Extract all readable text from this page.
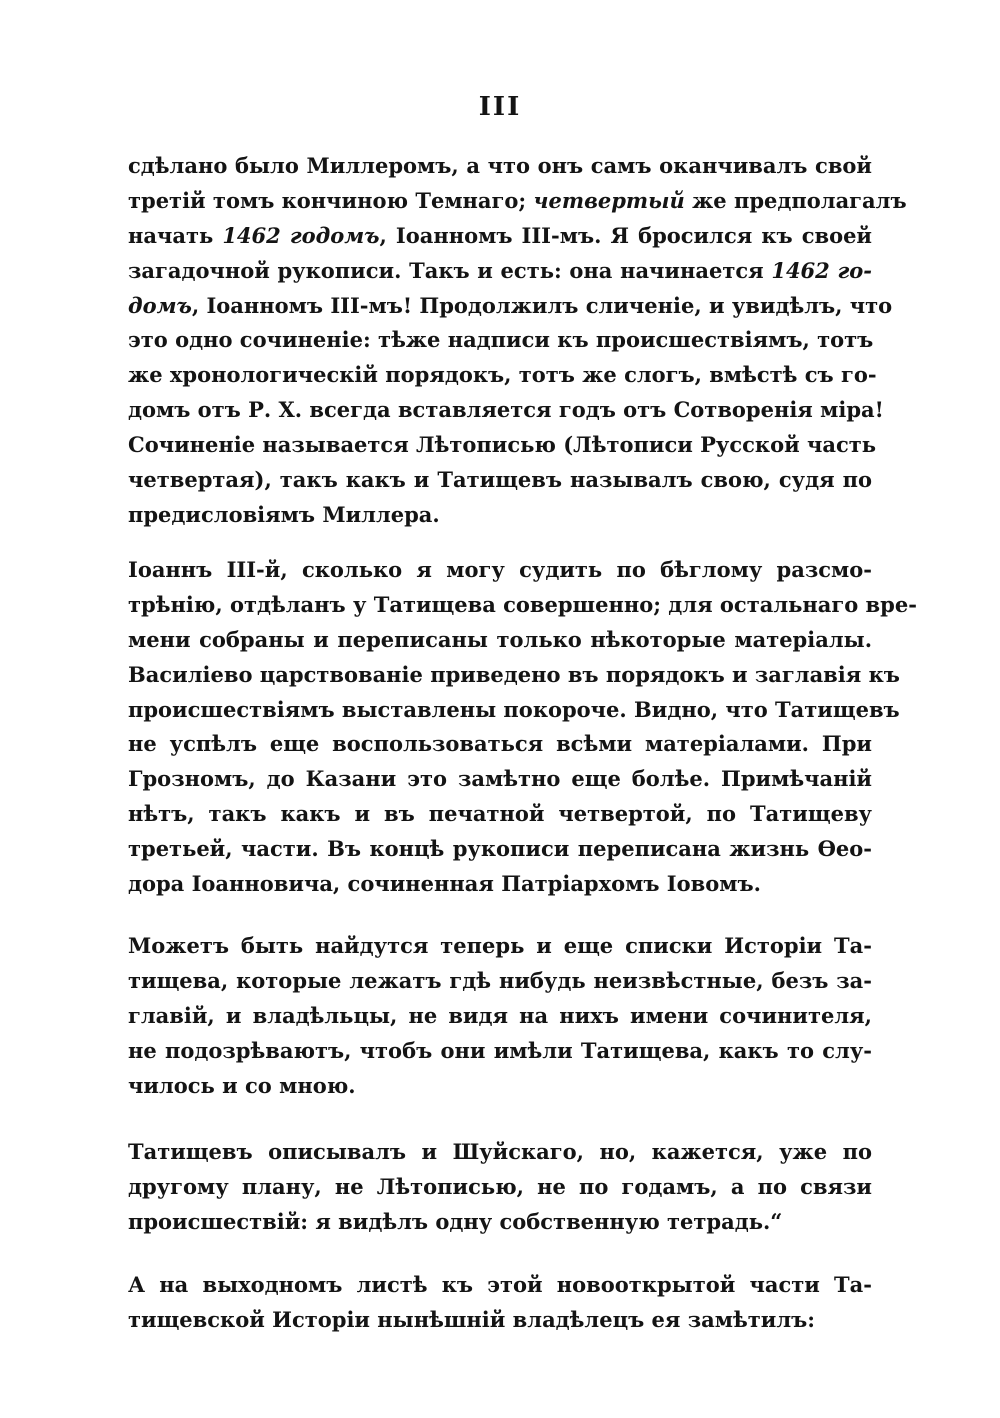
III
сдѣлано было Миллеромъ, а что онъ самъ оканчивалъ свой
третій томъ кончиною Темнаго; четвертый же предполагалъ
начать 1462 годомъ, Іоанномъ III-мъ. Я бросился къ своей
загадочной рукописи. Такъ и есть: она начинается 1462 го-
домъ, Іоанномъ III-мъ! Продолжилъ сличеніе, и увидѣлъ, что
это одно сочиненіе: тѣже надписи къ происшествіямъ, тотъ
же хронологическій порядокъ, тотъ же слогъ, вмѣстѣ съ го-
домъ отъ Р. Х. всегда вставляется годъ отъ Сотворенія міра!
Сочиненіе называется Лѣтописью (Лѣтописи Русской часть
четвертая), такъ какъ и Татищевъ называлъ свою, судя по
предисловіямъ Миллера.
Іоаннъ III-й, сколько я могу судить по бѣглому разсмо-
трѣнію, отдѣланъ у Татищева совершенно; для остальнаго вре-
мени собраны и переписаны только нѣкоторые матеріалы.
Василіево царствованіе приведено въ порядокъ и заглавія къ
происшествіямъ выставлены покороче. Видно, что Татищевъ
не успѣлъ еще воспользоваться всѣми матеріалами. При
Грозномъ, до Казани это замѣтно еще болѣе. Примѣчаній
нѣтъ, такъ какъ и въ печатной четвертой, по Татищеву
третьей, части. Въ концѣ рукописи переписана жизнь Ѳео-
дора Іоанновича, сочиненная Патріархомъ Іовомъ.
Можетъ быть найдутся теперь и еще списки Исторіи Та-
тищева, которые лежатъ гдѣ нибудь неизвѣстные, безъ за-
главій, и владѣльцы, не видя на нихъ имени сочинителя,
не подозрѣваютъ, чтобъ они имѣли Татищева, какъ то слу-
чилось и со мною.
Татищевъ описывалъ и Шуйскаго, но, кажется, уже по
другому плану, не Лѣтописью, не по годамъ, а по связи
происшествій: я видѣлъ одну собственную тетрадь.“
А на выходномъ листѣ къ этой новооткрытой части Та-
тищевской Исторіи нынѣшній владѣлецъ ея замѣтилъ:
